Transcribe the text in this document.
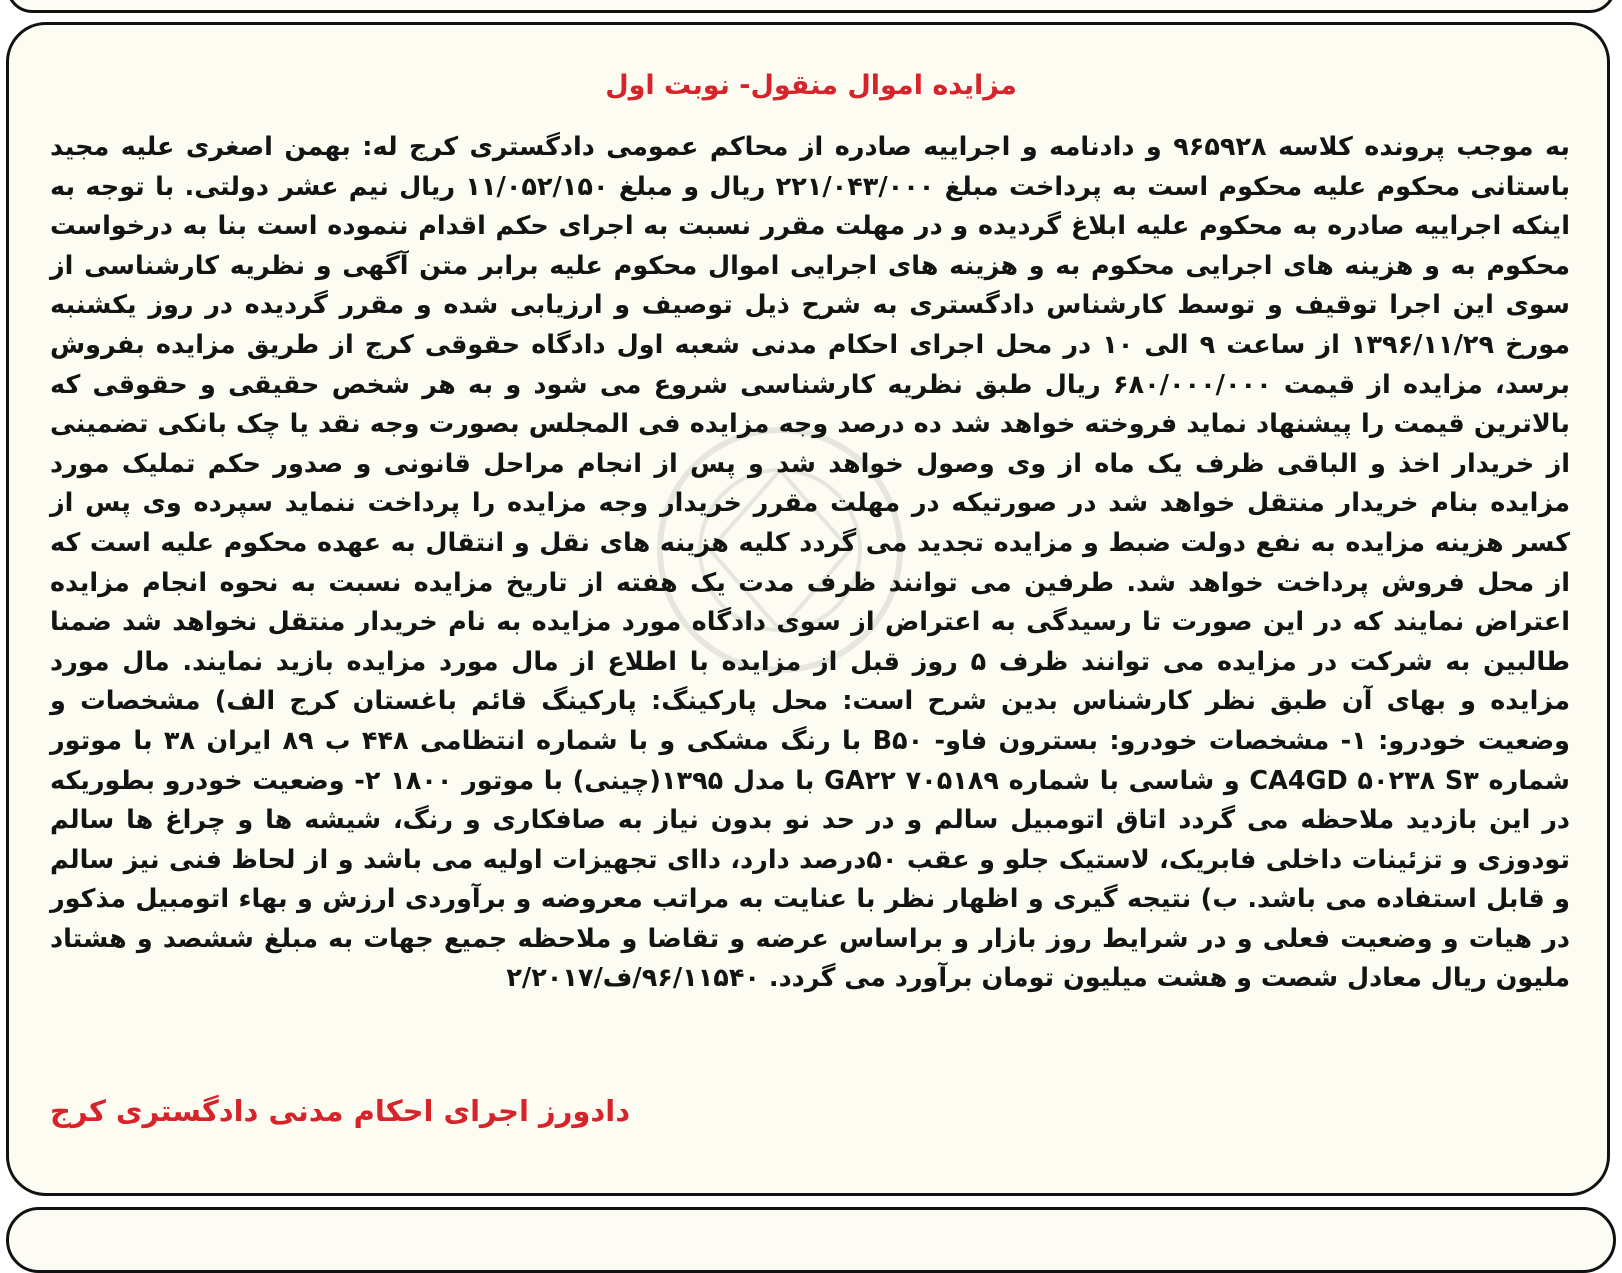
مزایده اموال منقول- نوبت اول
به موجب پرونده کلاسه ۹۶۵۹۲۸ و دادنامه و اجراییه صادره از محاکم عمومی دادگستری کرج له: بهمن اصغری علیه مجید باستانی محکوم علیه محکوم است به پرداخت مبلغ ۲۲۱/۰۴۳/۰۰۰ ریال و مبلغ ۱۱/۰۵۲/۱۵۰ ریال نیم عشر دولتی. با توجه به اینکه اجراییه صادره به محکوم علیه ابلاغ گردیده و در مهلت مقرر نسبت به اجرای حکم اقدام ننموده است بنا به درخواست محکوم به و هزینه های اجرایی محکوم به و هزینه های اجرایی اموال محکوم علیه برابر متن آگهی و نظریه کارشناسی از سوی این اجرا توقیف و توسط کارشناس دادگستری به شرح ذیل توصیف و ارزیابی شده و مقرر گردیده در روز یکشنبه مورخ ۱۳۹۶/۱۱/۲۹ از ساعت ۹ الی ۱۰ در محل اجرای احکام مدنی شعبه اول دادگاه حقوقی کرج از طریق مزایده بفروش برسد، مزایده از قیمت ۶۸۰/۰۰۰/۰۰۰ ریال طبق نظریه کارشناسی شروع می شود و به هر شخص حقیقی و حقوقی که بالاترین قیمت را پیشنهاد نماید فروخته خواهد شد ده درصد وجه مزایده فی المجلس بصورت وجه نقد یا چک بانکی تضمینی از خریدار اخذ و الباقی ظرف یک ماه از وی وصول خواهد شد و پس از انجام مراحل قانونی و صدور حکم تملیک مورد مزایده بنام خریدار منتقل خواهد شد در صورتیکه در مهلت مقرر خریدار وجه مزایده را پرداخت ننماید سپرده وی پس از کسر هزینه مزایده به نفع دولت ضبط و مزایده تجدید می گردد کلیه هزینه های نقل و انتقال به عهده محکوم علیه است که از محل فروش پرداخت خواهد شد. طرفین می توانند ظرف مدت یک هفته از تاریخ مزایده نسبت به نحوه انجام مزایده اعتراض نمایند که در این صورت تا رسیدگی به اعتراض از سوی دادگاه مورد مزایده به نام خریدار منتقل نخواهد شد ضمنا طالبین به شرکت در مزایده می توانند ظرف ۵ روز قبل از مزایده با اطلاع از مال مورد مزایده بازید نمایند. مال مورد مزایده و بهای آن طبق نظر کارشناس بدین شرح است: محل پارکینگ: پارکینگ قائم باغستان کرج الف) مشخصات و وضعیت خودرو: ۱- مشخصات خودرو: بسترون فاو- B۵۰ با رنگ مشکی و با شماره انتظامی ۴۴۸ ب ۸۹ ایران ۳۸ با موتور شماره CA4GD ۵۰۲۳۸ S۳ و شاسی با شماره ۷۰۵۱۸۹ GA۲۲ با مدل ۱۳۹۵(چینی) با موتور ۱۸۰۰ ۲- وضعیت خودرو بطوریکه در این بازدید ملاحظه می گردد اتاق اتومبیل سالم و در حد نو بدون نیاز به صافکاری و رنگ، شیشه ها و چراغ ها سالم تودوزی و تزئینات داخلی فابریک، لاستیک جلو و عقب ۵۰درصد دارد، داای تجهیزات اولیه می باشد و از لحاظ فنی نیز سالم و قابل استفاده می باشد. ب) نتیجه گیری و اظهار نظر با عنایت به مراتب معروضه و برآوردی ارزش و بهاء اتومبیل مذکور در هیات و وضعیت فعلی و در شرایط روز بازار و براساس عرضه و تقاضا و ملاحظه جمیع جهات به مبلغ ششصد و هشتاد ملیون ریال معادل شصت و هشت میلیون تومان برآورد می گردد. ۹۶/۱۱۵۴۰/ف/۲/۲۰۱۷
دادورز اجرای احکام مدنی دادگستری کرج
